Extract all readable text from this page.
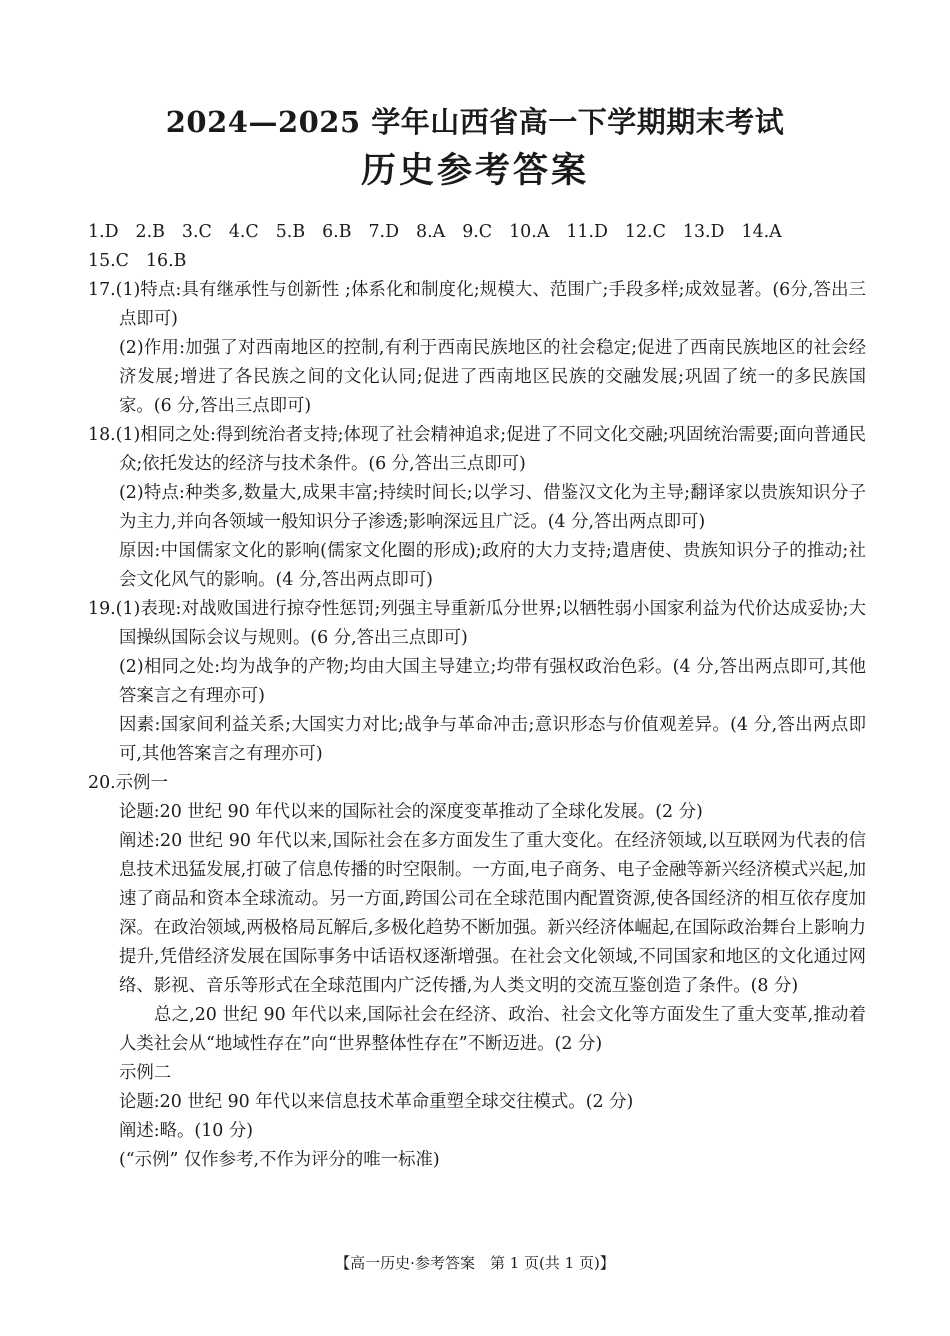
2024—2025 学年山西省高一下学期期末考试
历史参考答案

1.D 2.B 3.C 4.C 5.B 6.B 7.D 8.A 9.C 10.A 11.D 12.C 13.D 14.A

15.C 16.B

17.(1)特点:具有继承性与创新性 ;体系化和制度化;规模大、范围广;手段多样;成效显著。(6分,答出三点即可)

(2)作用:加强了对西南地区的控制,有利于西南民族地区的社会稳定;促进了西南民族地区的社会经济发展;增进了各民族之间的文化认同;促进了西南地区民族的交融发展;巩固了统一的多民族国家。(6 分,答出三点即可)

18.(1)相同之处:得到统治者支持;体现了社会精神追求;促进了不同文化交融;巩固统治需要;面向普通民众;依托发达的经济与技术条件。(6 分,答出三点即可)

(2)特点:种类多,数量大,成果丰富;持续时间长;以学习、借鉴汉文化为主导;翻译家以贵族知识分子为主力,并向各领域一般知识分子渗透;影响深远且广泛。(4 分,答出两点即可)

原因:中国儒家文化的影响(儒家文化圈的形成);政府的大力支持;遣唐使、贵族知识分子的推动;社会文化风气的影响。(4 分,答出两点即可)

19.(1)表现:对战败国进行掠夺性惩罚;列强主导重新瓜分世界;以牺牲弱小国家利益为代价达成妥协;大国操纵国际会议与规则。(6 分,答出三点即可)

(2)相同之处:均为战争的产物;均由大国主导建立;均带有强权政治色彩。(4 分,答出两点即可,其他答案言之有理亦可)

因素:国家间利益关系;大国实力对比;战争与革命冲击;意识形态与价值观差异。(4 分,答出两点即可,其他答案言之有理亦可)

20.示例一

论题:20 世纪 90 年代以来的国际社会的深度变革推动了全球化发展。(2 分)

阐述:20 世纪 90 年代以来,国际社会在多方面发生了重大变化。在经济领域,以互联网为代表的信息技术迅猛发展,打破了信息传播的时空限制。一方面,电子商务、电子金融等新兴经济模式兴起,加速了商品和资本全球流动。另一方面,跨国公司在全球范围内配置资源,使各国经济的相互依存度加深。在政治领域,两极格局瓦解后,多极化趋势不断加强。新兴经济体崛起,在国际政治舞台上影响力提升,凭借经济发展在国际事务中话语权逐渐增强。在社会文化领域,不同国家和地区的文化通过网络、影视、音乐等形式在全球范围内广泛传播,为人类文明的交流互鉴创造了条件。(8 分)

总之,20 世纪 90 年代以来,国际社会在经济、政治、社会文化等方面发生了重大变革,推动着人类社会从“地域性存在”向“世界整体性存在”不断迈进。(2 分)

示例二

论题:20 世纪 90 年代以来信息技术革命重塑全球交往模式。(2 分)

阐述:略。(10 分)

(“示例” 仅作参考,不作为评分的唯一标准)

【高一历史·参考答案　第 1 页(共 1 页)】
